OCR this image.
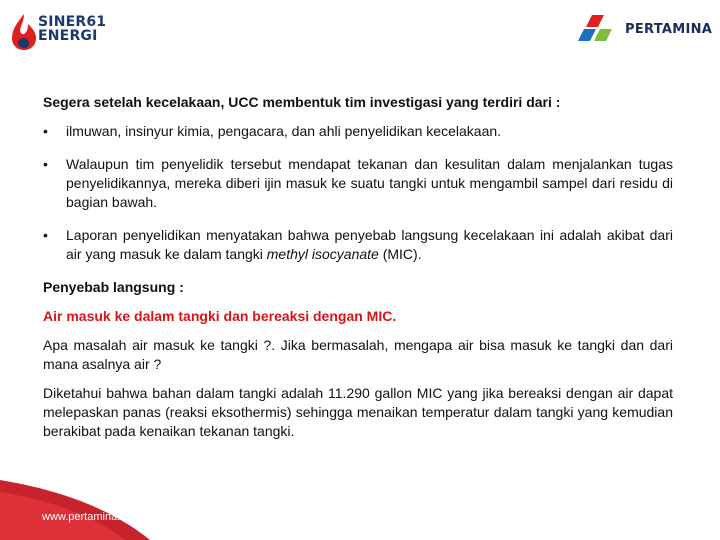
SINER61
ENERGI	PERTAMINA

Segera setelah kecelakaan, UCC membentuk tim investigasi yang terdiri dari :

• ilmuwan, insinyur kimia, pengacara, dan ahli penyelidikan kecelakaan.
• Walaupun tim penyelidik tersebut mendapat tekanan dan kesulitan dalam menjalankan tugas penyelidikannya, mereka diberi ijin masuk ke suatu tangki untuk mengambil sampel dari residu di bagian bawah.
• Laporan penyelidikan menyatakan bahwa penyebab langsung kecelakaan ini adalah akibat dari air yang masuk ke dalam tangki methyl isocyanate (MIC).

Penyebab langsung :

Air masuk ke dalam tangki dan bereaksi dengan MIC.

Apa masalah air masuk ke tangki ?. Jika bermasalah, mengapa air bisa masuk ke tangki dan dari mana asalnya air ?

Diketahui bahwa bahan dalam tangki adalah 11.290 gallon MIC yang jika bereaksi dengan air dapat melepaskan panas (reaksi eksothermis) sehingga menaikan temperatur dalam tangki yang kemudian berakibat pada kenaikan tekanan tangki.

www.pertamina.com
